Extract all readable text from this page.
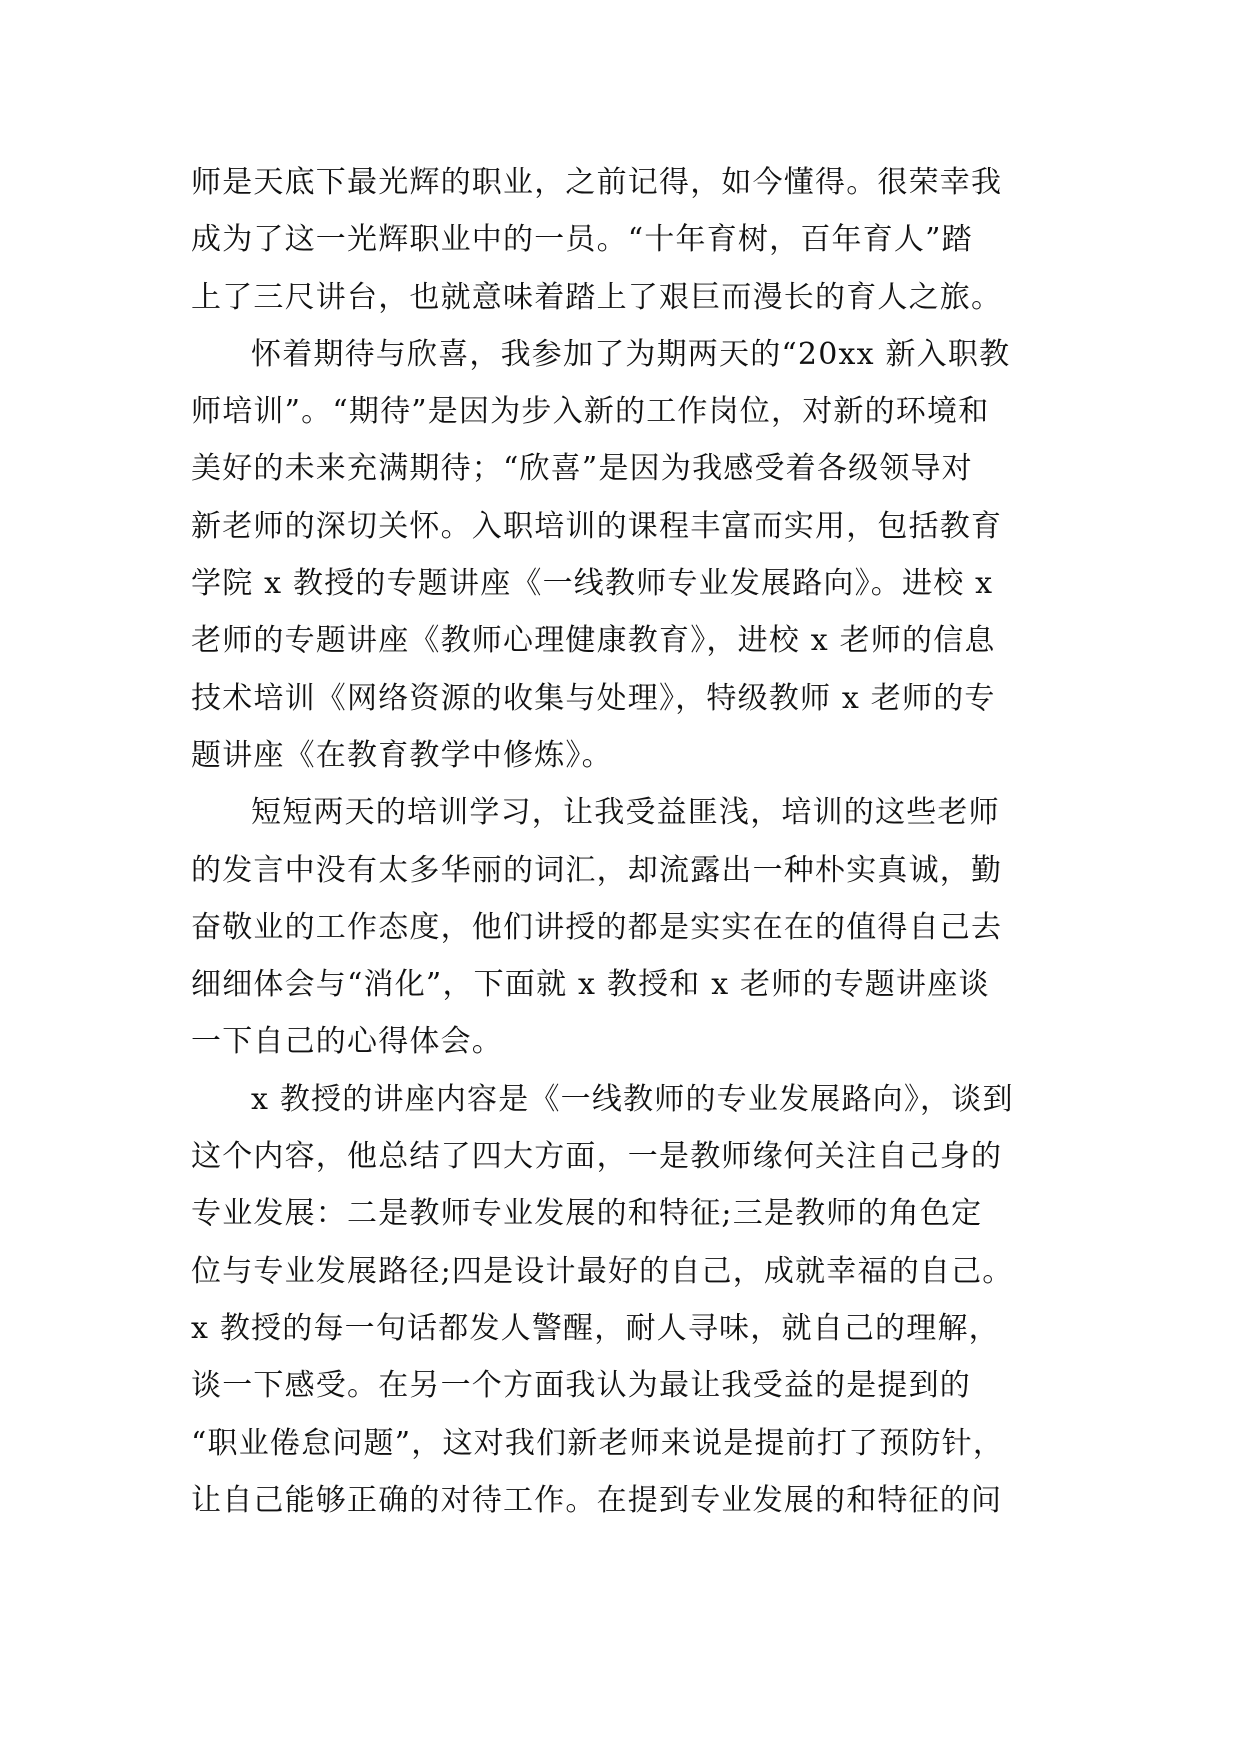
师是天底下最光辉的职业，之前记得，如今懂得。很荣幸我
成为了这一光辉职业中的一员。“十年育树，百年育人”踏
上了三尺讲台，也就意味着踏上了艰巨而漫长的育人之旅。
怀着期待与欣喜，我参加了为期两天的“20xx 新入职教
师培训”。“期待”是因为步入新的工作岗位，对新的环境和
美好的未来充满期待；“欣喜”是因为我感受着各级领导对
新老师的深切关怀。入职培训的课程丰富而实用，包括教育
学院 x 教授的专题讲座《一线教师专业发展路向》。进校 x
老师的专题讲座《教师心理健康教育》，进校 x 老师的信息
技术培训《网络资源的收集与处理》，特级教师 x 老师的专
题讲座《在教育教学中修炼》。
短短两天的培训学习，让我受益匪浅，培训的这些老师
的发言中没有太多华丽的词汇，却流露出一种朴实真诚，勤
奋敬业的工作态度，他们讲授的都是实实在在的值得自己去
细细体会与“消化”，下面就 x 教授和 x 老师的专题讲座谈
一下自己的心得体会。
x 教授的讲座内容是《一线教师的专业发展路向》，谈到
这个内容，他总结了四大方面，一是教师缘何关注自己身的
专业发展：二是教师专业发展的和特征;三是教师的角色定
位与专业发展路径;四是设计最好的自己，成就幸福的自己。
x 教授的每一句话都发人警醒，耐人寻味，就自己的理解，
谈一下感受。在另一个方面我认为最让我受益的是提到的
“职业倦怠问题”，这对我们新老师来说是提前打了预防针，
让自己能够正确的对待工作。在提到专业发展的和特征的问
